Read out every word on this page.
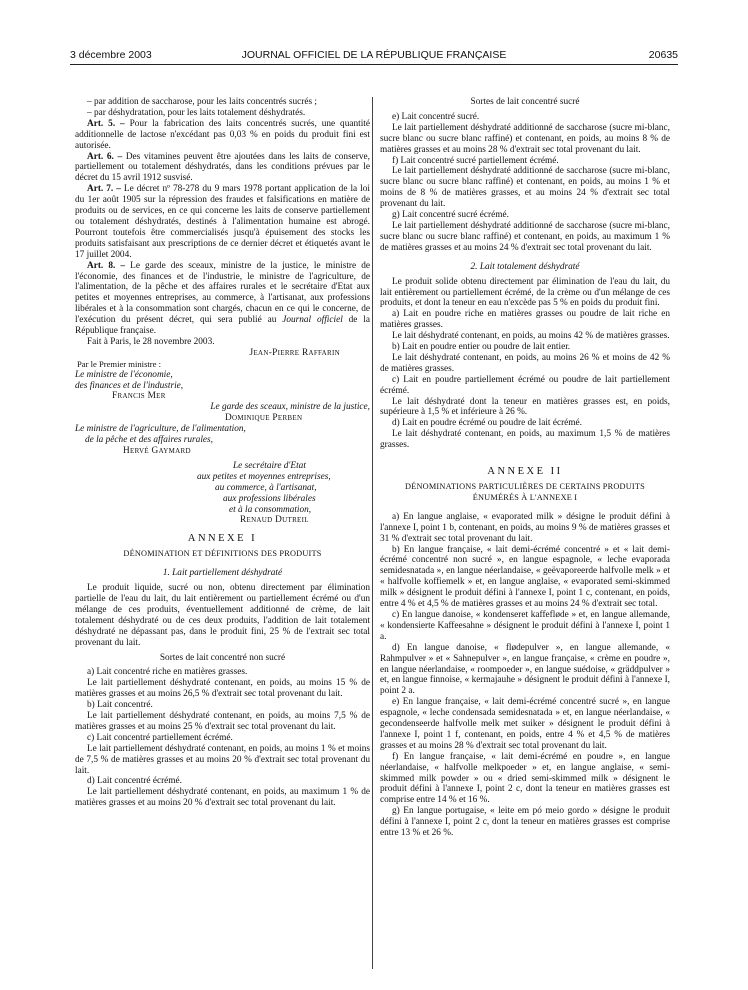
3 décembre 2003	JOURNAL OFFICIEL DE LA RÉPUBLIQUE FRANÇAISE	20635

– par addition de saccharose, pour les laits concentrés sucrés ;

– par déshydratation, pour les laits totalement déshydratés.

Art. 5. – Pour la fabrication des laits concentrés sucrés, une quantité additionnelle de lactose n'excédant pas 0,03 % en poids du produit fini est autorisée.

Art. 6. – Des vitamines peuvent être ajoutées dans les laits de conserve, partiellement ou totalement déshydratés, dans les conditions prévues par le décret du 15 avril 1912 susvisé.

Art. 7. – Le décret nº 78-278 du 9 mars 1978 portant application de la loi du 1er août 1905 sur la répression des fraudes et falsifications en matière de produits ou de services, en ce qui concerne les laits de conserve partiellement ou totalement déshydratés, destinés à l'alimentation humaine est abrogé. Pourront toutefois être commercialisés jusqu'à épuisement des stocks les produits satisfaisant aux prescriptions de ce dernier décret et étiquetés avant le 17 juillet 2004.

Art. 8. – Le garde des sceaux, ministre de la justice, le ministre de l'économie, des finances et de l'industrie, le ministre de l'agriculture, de l'alimentation, de la pêche et des affaires rurales et le secrétaire d'Etat aux petites et moyennes entreprises, au commerce, à l'artisanat, aux professions libérales et à la consommation sont chargés, chacun en ce qui le concerne, de l'exécution du présent décret, qui sera publié au Journal officiel de la République française.

Fait à Paris, le 28 novembre 2003.

Jean-Pierre Raffarin

Par le Premier ministre :

Le ministre de l'économie,

des finances et de l'industrie,

Francis Mer

Le garde des sceaux, ministre de la justice,

Dominique Perben

Le ministre de l'agriculture, de l'alimentation,

de la pêche et des affaires rurales,

Hervé Gaymard

Le secrétaire d'Etat

aux petites et moyennes entreprises,

au commerce, à l'artisanat,

aux professions libérales

et à la consommation,

Renaud Dutreil

ANNEXE I

DÉNOMINATION ET DÉFINITIONS DES PRODUITS

1. Lait partiellement déshydraté

Le produit liquide, sucré ou non, obtenu directement par élimination partielle de l'eau du lait, du lait entièrement ou partiellement écrémé ou d'un mélange de ces produits, éventuellement additionné de crème, de lait totalement déshydraté ou de ces deux produits, l'addition de lait totalement déshydraté ne dépassant pas, dans le produit fini, 25 % de l'extrait sec total provenant du lait.

Sortes de lait concentré non sucré

a) Lait concentré riche en matières grasses.

Le lait partiellement déshydraté contenant, en poids, au moins 15 % de matières grasses et au moins 26,5 % d'extrait sec total provenant du lait.

b) Lait concentré.

Le lait partiellement déshydraté contenant, en poids, au moins 7,5 % de matières grasses et au moins 25 % d'extrait sec total provenant du lait.

c) Lait concentré partiellement écrémé.

Le lait partiellement déshydraté contenant, en poids, au moins 1 % et moins de 7,5 % de matières grasses et au moins 20 % d'extrait sec total provenant du lait.

d) Lait concentré écrémé.

Le lait partiellement déshydraté contenant, en poids, au maximum 1 % de matières grasses et au moins 20 % d'extrait sec total provenant du lait.

Sortes de lait concentré sucré

e) Lait concentré sucré.

Le lait partiellement déshydraté additionné de saccharose (sucre mi-blanc, sucre blanc ou sucre blanc raffiné) et contenant, en poids, au moins 8 % de matières grasses et au moins 28 % d'extrait sec total provenant du lait.

f) Lait concentré sucré partiellement écrémé.

Le lait partiellement déshydraté additionné de saccharose (sucre mi-blanc, sucre blanc ou sucre blanc raffiné) et contenant, en poids, au moins 1 % et moins de 8 % de matières grasses, et au moins 24 % d'extrait sec total provenant du lait.

g) Lait concentré sucré écrémé.

Le lait partiellement déshydraté additionné de saccharose (sucre mi-blanc, sucre blanc ou sucre blanc raffiné) et contenant, en poids, au maximum 1 % de matières grasses et au moins 24 % d'extrait sec total provenant du lait.

2. Lait totalement déshydraté

Le produit solide obtenu directement par élimination de l'eau du lait, du lait entièrement ou partiellement écrémé, de la crème ou d'un mélange de ces produits, et dont la teneur en eau n'excède pas 5 % en poids du produit fini.

a) Lait en poudre riche en matières grasses ou poudre de lait riche en matières grasses.

Le lait déshydraté contenant, en poids, au moins 42 % de matières grasses.

b) Lait en poudre entier ou poudre de lait entier.

Le lait déshydraté contenant, en poids, au moins 26 % et moins de 42 % de matières grasses.

c) Lait en poudre partiellement écrémé ou poudre de lait partiellement écrémé.

Le lait déshydraté dont la teneur en matières grasses est, en poids, supérieure à 1,5 % et inférieure à 26 %.

d) Lait en poudre écrémé ou poudre de lait écrémé.

Le lait déshydraté contenant, en poids, au maximum 1,5 % de matières grasses.

ANNEXE II

DÉNOMINATIONS PARTICULIÈRES DE CERTAINS PRODUITS

ÉNUMÉRÉS À L'ANNEXE I

a) En langue anglaise, « evaporated milk » désigne le produit défini à l'annexe I, point 1 b, contenant, en poids, au moins 9 % de matières grasses et 31 % d'extrait sec total provenant du lait.

b) En langue française, « lait demi-écrémé concentré » et « lait demi-écrémé concentré non sucré », en langue espagnole, « leche evaporada semidesnatada », en langue néerlandaise, « geëvaporeerde halfvolle melk » et « halfvolle koffiemelk » et, en langue anglaise, « evaporated semi-skimmed milk » désignent le produit défini à l'annexe I, point 1 c, contenant, en poids, entre 4 % et 4,5 % de matières grasses et au moins 24 % d'extrait sec total.

c) En langue danoise, « kondenseret kaffefløde » et, en langue allemande, « kondensierte Kaffeesahne » désignent le produit défini à l'annexe I, point 1 a.

d) En langue danoise, « flødepulver », en langue allemande, « Rahmpulver » et « Sahnepulver », en langue française, « crème en poudre », en langue néerlandaise, « roompoeder », en langue suédoise, « gräddpulver » et, en langue finnoise, « kermajauhe » désignent le produit défini à l'annexe I, point 2 a.

e) En langue française, « lait demi-écrémé concentré sucré », en langue espagnole, « leche condensada semidesnatada » et, en langue néerlandaise, « gecondenseerde halfvolle melk met suiker » désignent le produit défini à l'annexe I, point 1 f, contenant, en poids, entre 4 % et 4,5 % de matières grasses et au moins 28 % d'extrait sec total provenant du lait.

f) En langue française, « lait demi-écrémé en poudre », en langue néerlandaise, « halfvolle melkpoeder » et, en langue anglaise, « semi-skimmed milk powder » ou « dried semi-skimmed milk » désignent le produit défini à l'annexe I, point 2 c, dont la teneur en matières grasses est comprise entre 14 % et 16 %.

g) En langue portugaise, « leite em pó meio gordo » désigne le produit défini à l'annexe I, point 2 c, dont la teneur en matières grasses est comprise entre 13 % et 26 %.
